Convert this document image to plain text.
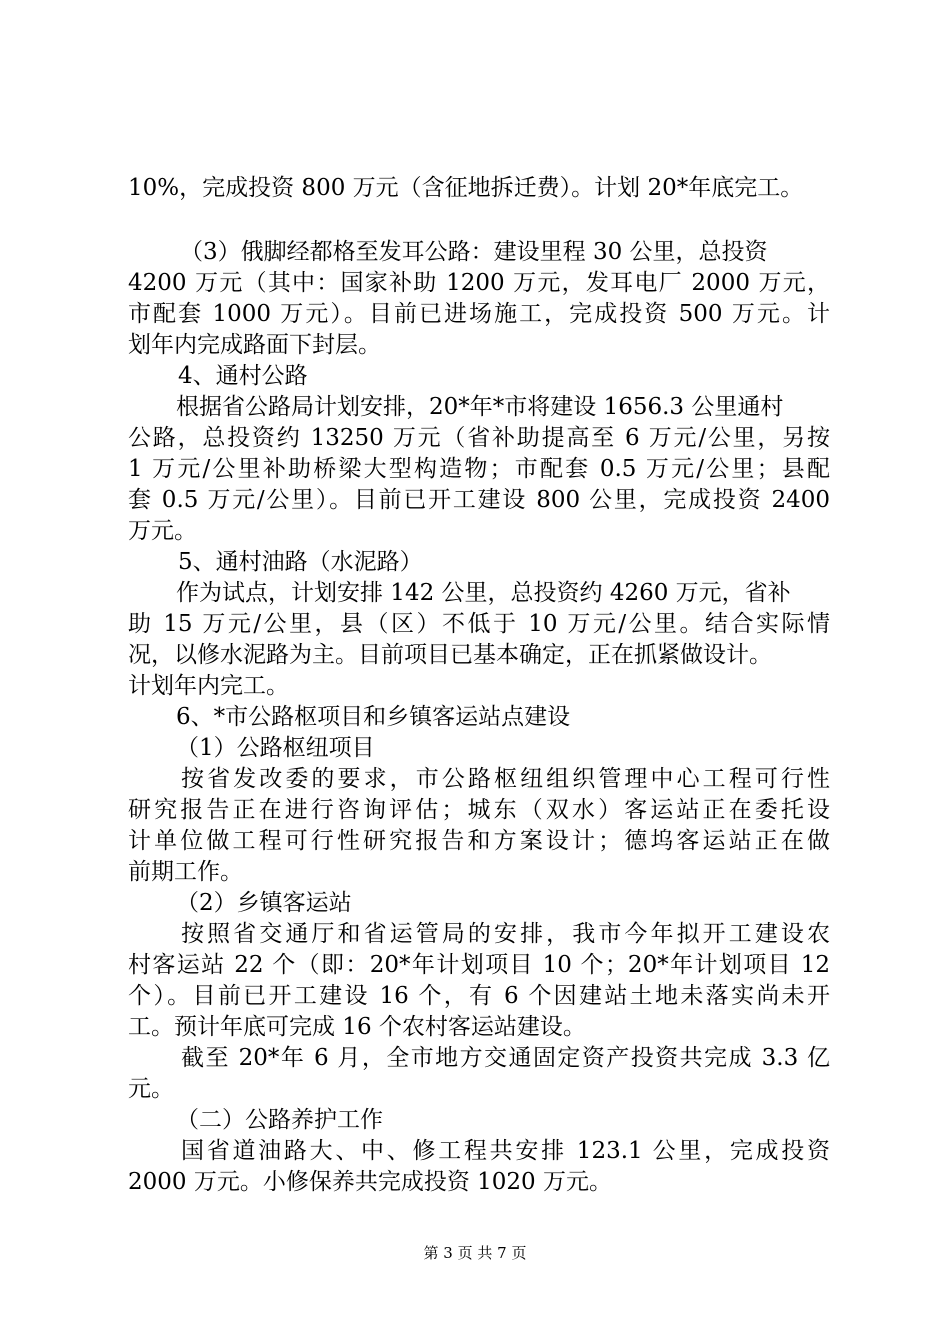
10%，完成投资 800 万元（含征地拆迁费）。计划 20*年底完工。
（3）俄脚经都格至发耳公路：建设里程 30 公里，总投资
4200 万元（其中：国家补助 1200 万元，发耳电厂 2000 万元，
市配套 1000 万元）。目前已进场施工，完成投资 500 万元。计
划年内完成路面下封层。
4、通村公路
根据省公路局计划安排，20*年*市将建设 1656.3 公里通村
公路，总投资约 13250 万元（省补助提高至 6 万元/公里，另按
1 万元/公里补助桥梁大型构造物；市配套 0.5 万元/公里；县配
套 0.5 万元/公里）。目前已开工建设 800 公里，完成投资 2400
万元。
5、通村油路（水泥路）
作为试点，计划安排 142 公里，总投资约 4260 万元，省补
助 15 万元/公里，县（区）不低于 10 万元/公里。结合实际情
况，以修水泥路为主。目前项目已基本确定，正在抓紧做设计。
计划年内完工。
6、*市公路枢项目和乡镇客运站点建设
（1）公路枢纽项目
按省发改委的要求，市公路枢纽组织管理中心工程可行性
研究报告正在进行咨询评估；城东（双水）客运站正在委托设
计单位做工程可行性研究报告和方案设计；德坞客运站正在做
前期工作。
（2）乡镇客运站
按照省交通厅和省运管局的安排，我市今年拟开工建设农
村客运站 22 个（即：20*年计划项目 10 个；20*年计划项目 12
个）。目前已开工建设 16 个，有 6 个因建站土地未落实尚未开
工。预计年底可完成 16 个农村客运站建设。
截至 20*年 6 月，全市地方交通固定资产投资共完成 3.3 亿
元。
（二）公路养护工作
国省道油路大、中、修工程共安排 123.1 公里，完成投资
2000 万元。小修保养共完成投资 1020 万元。
第 3 页 共 7 页
